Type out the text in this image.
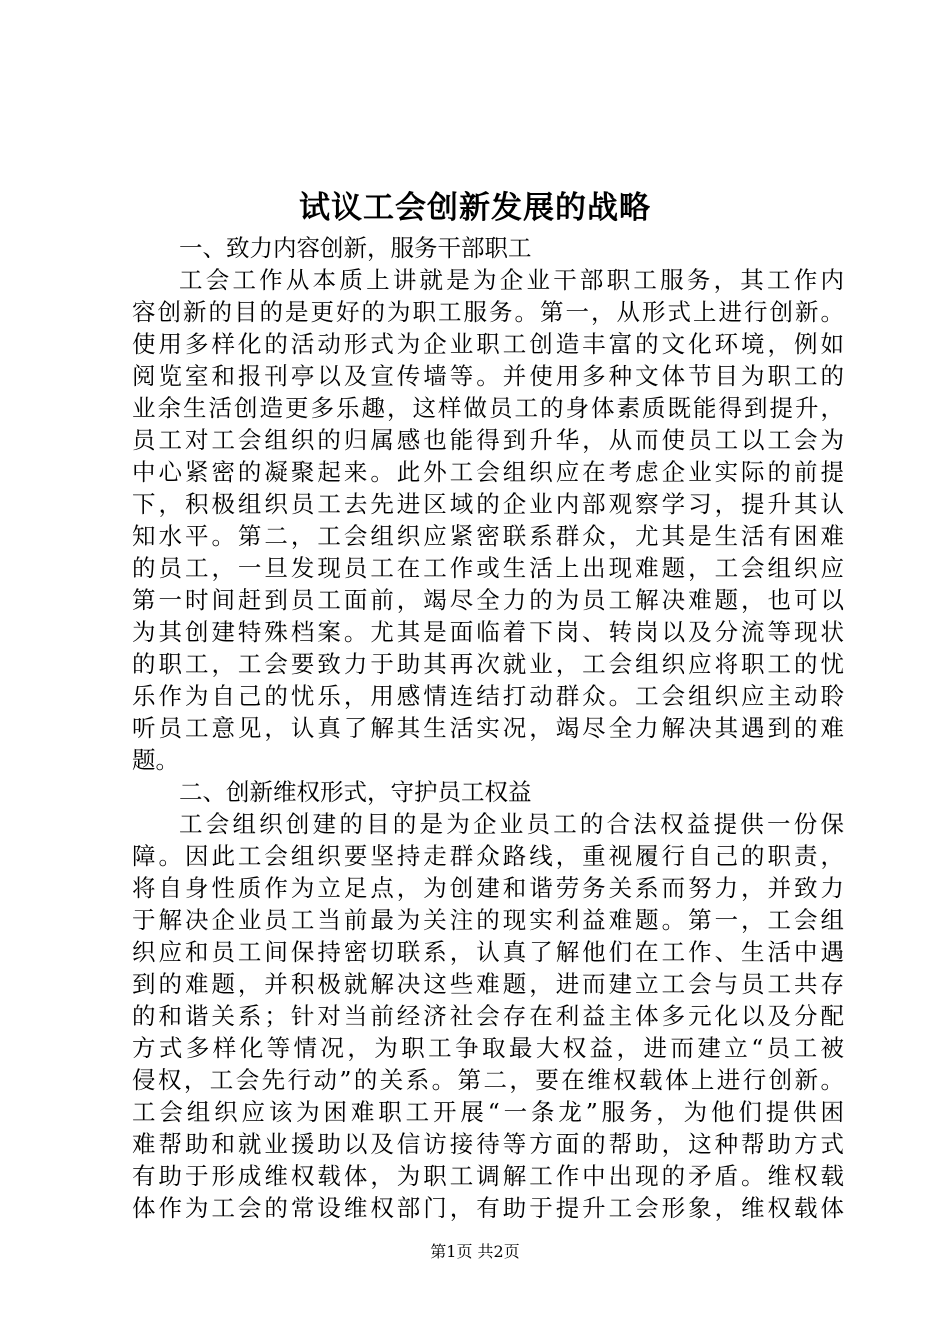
试议工会创新发展的战略
一、致力内容创新，服务干部职工
工会工作从本质上讲就是为企业干部职工服务，其工作内
容创新的目的是更好的为职工服务。第一，从形式上进行创新。
使用多样化的活动形式为企业职工创造丰富的文化环境，例如
阅览室和报刊亭以及宣传墙等。并使用多种文体节目为职工的
业余生活创造更多乐趣，这样做员工的身体素质既能得到提升，
员工对工会组织的归属感也能得到升华，从而使员工以工会为
中心紧密的凝聚起来。此外工会组织应在考虑企业实际的前提
下，积极组织员工去先进区域的企业内部观察学习，提升其认
知水平。第二，工会组织应紧密联系群众，尤其是生活有困难
的员工，一旦发现员工在工作或生活上出现难题，工会组织应
第一时间赶到员工面前，竭尽全力的为员工解决难题，也可以
为其创建特殊档案。尤其是面临着下岗、转岗以及分流等现状
的职工，工会要致力于助其再次就业，工会组织应将职工的忧
乐作为自己的忧乐，用感情连结打动群众。工会组织应主动聆
听员工意见，认真了解其生活实况，竭尽全力解决其遇到的难
题。
二、创新维权形式，守护员工权益
工会组织创建的目的是为企业员工的合法权益提供一份保
障。因此工会组织要坚持走群众路线，重视履行自己的职责，
将自身性质作为立足点，为创建和谐劳务关系而努力，并致力
于解决企业员工当前最为关注的现实利益难题。第一，工会组
织应和员工间保持密切联系，认真了解他们在工作、生活中遇
到的难题，并积极就解决这些难题，进而建立工会与员工共存
的和谐关系；针对当前经济社会存在利益主体多元化以及分配
方式多样化等情况，为职工争取最大权益，进而建立“员工被
侵权，工会先行动”的关系。第二，要在维权载体上进行创新。
工会组织应该为困难职工开展“一条龙”服务，为他们提供困
难帮助和就业援助以及信访接待等方面的帮助，这种帮助方式
有助于形成维权载体，为职工调解工作中出现的矛盾。维权载
体作为工会的常设维权部门，有助于提升工会形象，维权载体
第1页 共2页
